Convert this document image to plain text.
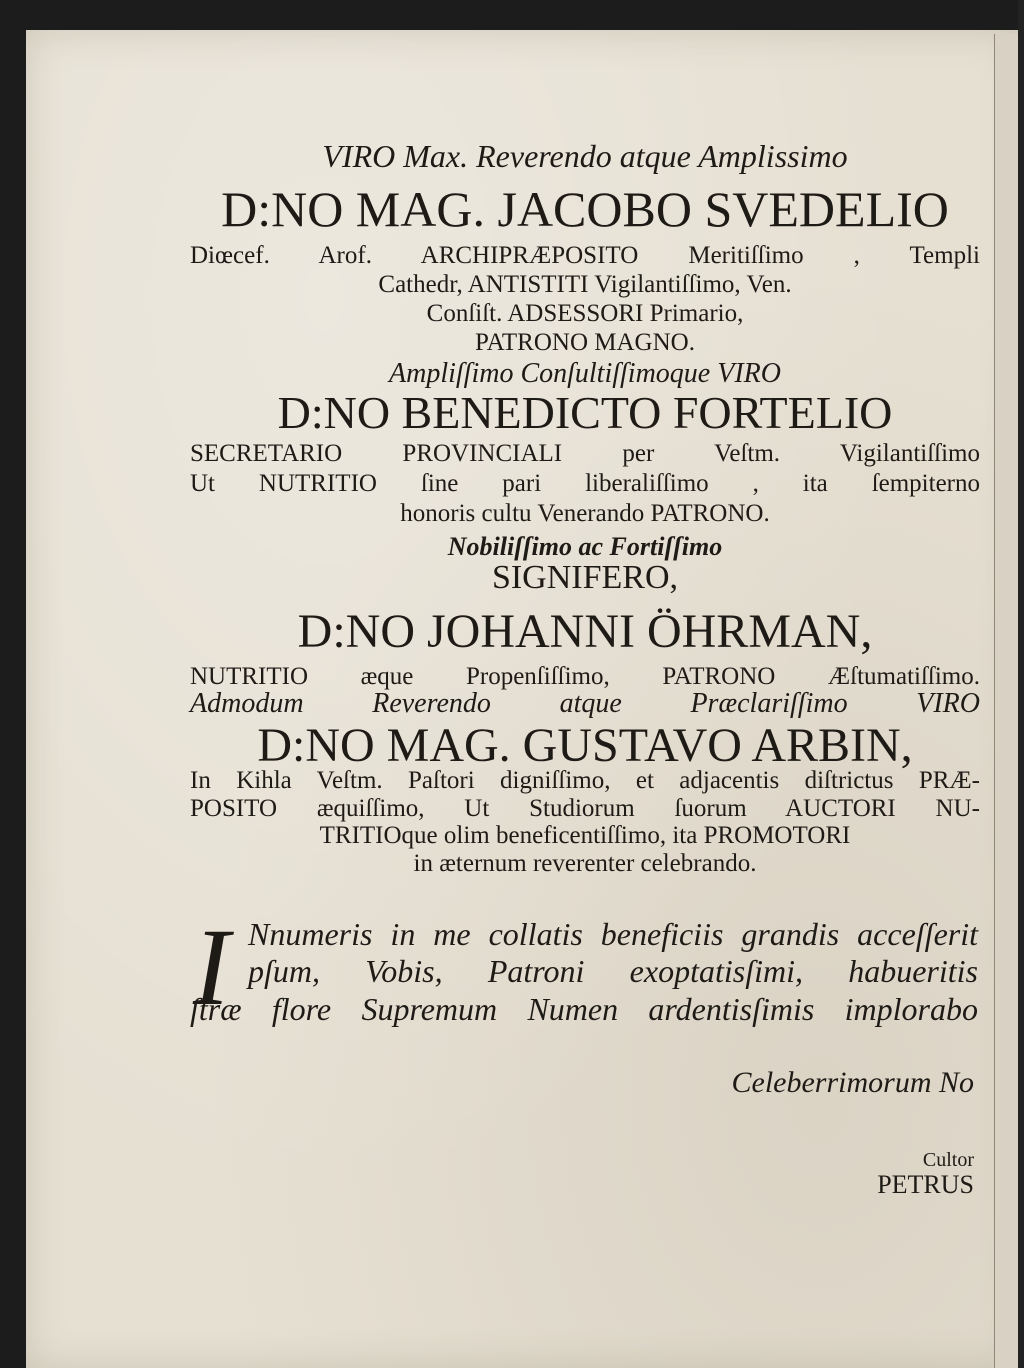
VIRO Max. Reverendo atque Amplissimo
D:NO MAG. JACOBO SVEDELIO
Diœcef. Arof. ARCHIPRÆPOSITO Meritiſſimo , Templi
Cathedr, ANTISTITI Vigilantiſſimo, Ven.
Conſiſt. ADSESSORI Primario,
PATRONO MAGNO.
Ampliſſimo Conſultiſſimoque VIRO
D:NO BENEDICTO FORTELIO
SECRETARIO PROVINCIALI per Veſtm. Vigilantiſſimo
Ut NUTRITIO ſine pari liberaliſſimo , ita ſempiterno
honoris cultu Venerando PATRONO.
Nobiliſſimo ac Fortiſſimo
SIGNIFERO,
D:NO JOHANNI ÖHRMAN,
NUTRITIO æque Propenſiſſimo, PATRONO Æſtumatiſſimo.
Admodum Reverendo atque Præclariſſimo VIRO
D:NO MAG. GUSTAVO ARBIN,
In Kihla Veſtm. Paſtori digniſſimo, et adjacentis diſtrictus PRÆ-
POSITO æquiſſimo, Ut Studiorum ſuorum AUCTORI NU-
TRITIOque olim beneficentiſſimo, ita PROMOTORI
in æternum reverenter celebrando.
I Nnumeris in me collatis beneficiis grandis acceſſerit
pſum, Vobis, Patroni exoptatisſimi, habueritis
ſtræ flore Supremum Numen ardentisſimis implorabo
Celeberrimorum No
Cultor
PETRUS
